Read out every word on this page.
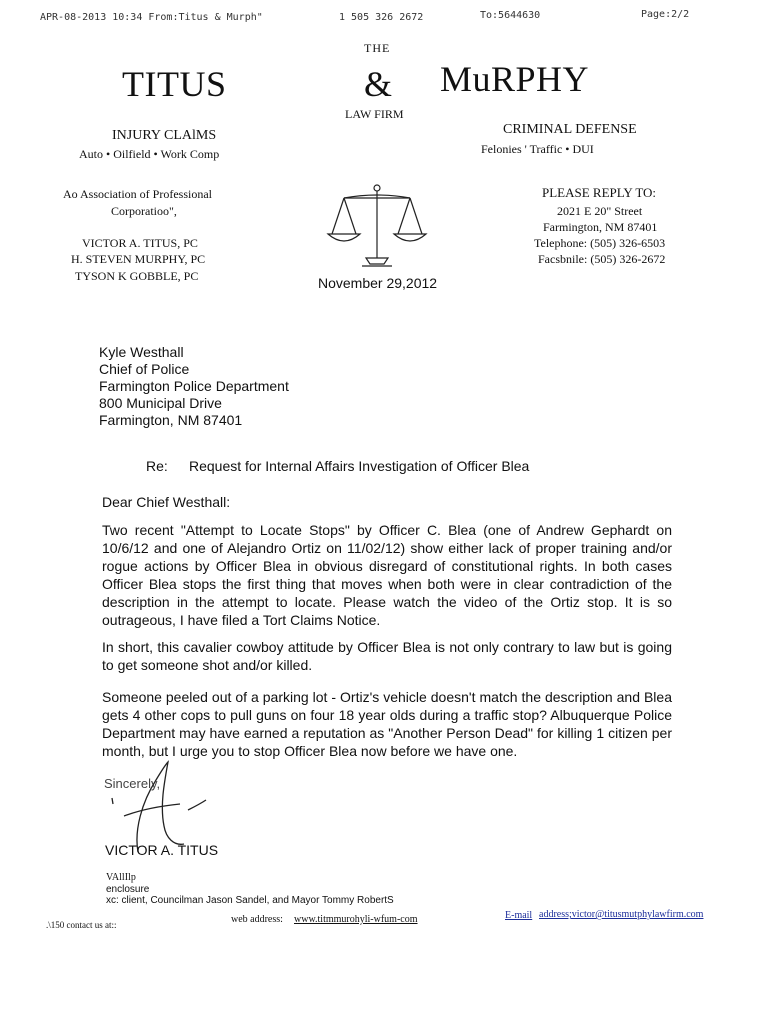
APR-08-2013 10:34 From:Titus & Murph"	1 505 326 2672	To:5644630	Page:2/2
THE
TITUS	& MuRPHY
LAW FIRM
INJURY CLAlMS
Auto • Oilfield • Work Comp
CRIMINAL DEFENSE
Felonies ' Traffic • DUI
Ao Association of Professional
Corporatioo",
VICTOR A. TITUS, PC
H. STEVEN MURPHY, PC
TYSON K GOBBLE, PC
PLEASE REPLY TO:
2021 E 20" Street
Farmington, NM 87401
Telephone: (505) 326-6503
Facsbnile: (505) 326-2672
November 29,2012
Kyle Westhall
Chief of Police
Farmington Police Department
800 Municipal Drive
Farmington, NM 87401
Re: Request for Internal Affairs Investigation of Officer Blea
Dear Chief Westhall:
Two recent "Attempt to Locate Stops" by Officer C. Blea (one of Andrew Gephardt on 10/6/12 and one of Alejandro Ortiz on 11/02/12) show either lack of proper training and/or rogue actions by Officer Blea in obvious disregard of constitutional rights. In both cases Officer Blea stops the first thing that moves when both were in clear contradiction of the description in the attempt to locate. Please watch the video of the Ortiz stop. It is so outrageous, I have filed a Tort Claims Notice.
In short, this cavalier cowboy attitude by Officer Blea is not only contrary to law but is going to get someone shot and/or killed.
Someone peeled out of a parking lot - Ortiz's vehicle doesn't match the description and Blea gets 4 other cops to pull guns on four 18 year olds during a traffic stop? Albuquerque Police Department may have earned a reputation as "Another Person Dead" for killing 1 citizen per month, but I urge you to stop Officer Blea now before we have one.
Sincerely,
VICTOR A. TITUS
VAllIlp
enclosure
xc: client, Councilman Jason Sandel, and Mayor Tommy RobertS
.\150 contact us at::	web address: www.titmmurohyli-wfum-com	E-mail address;victor@titusmutphylawfirm.com
